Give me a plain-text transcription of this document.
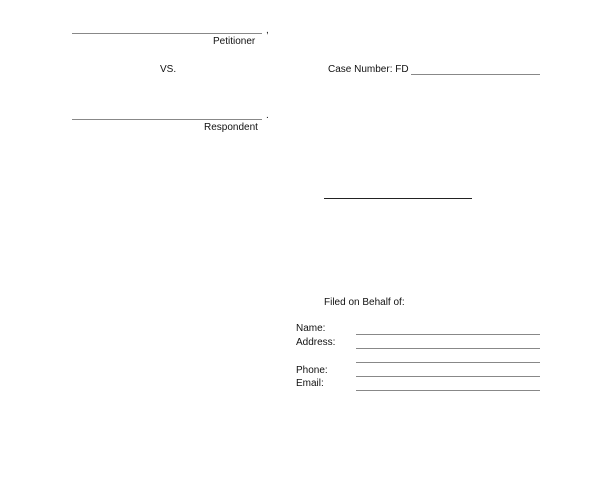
,
Petitioner
VS.	Case Number: FD
.
Respondent
Filed on Behalf of:
Name:
Address:
Phone:
Email:
